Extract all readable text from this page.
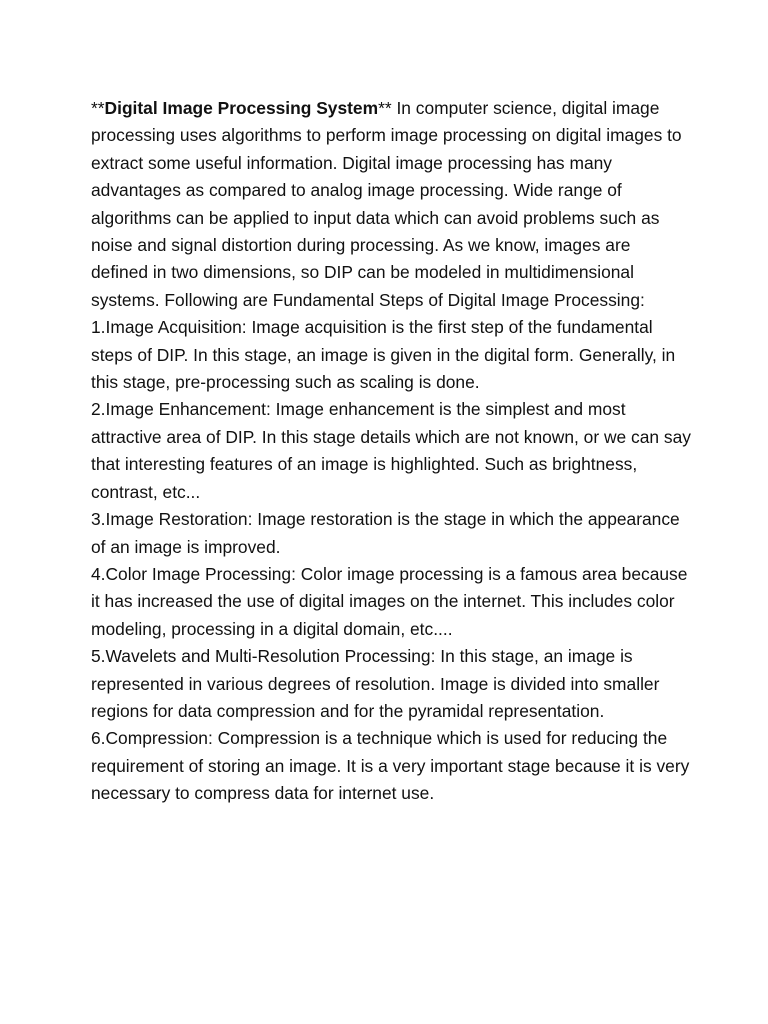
**Digital Image Processing System** In computer science, digital image processing uses algorithms to perform image processing on digital images to extract some useful information. Digital image processing has many advantages as compared to analog image processing. Wide range of algorithms can be applied to input data which can avoid problems such as noise and signal distortion during processing. As we know, images are defined in two dimensions, so DIP can be modeled in multidimensional systems. Following are Fundamental Steps of Digital Image Processing:

1.Image Acquisition: Image acquisition is the first step of the fundamental steps of DIP. In this stage, an image is given in the digital form. Generally, in this stage, pre-processing such as scaling is done.

2.Image Enhancement: Image enhancement is the simplest and most attractive area of DIP. In this stage details which are not known, or we can say that interesting features of an image is highlighted. Such as brightness, contrast, etc...

3.Image Restoration: Image restoration is the stage in which the appearance of an image is improved.

4.Color Image Processing: Color image processing is a famous area because it has increased the use of digital images on the internet. This includes color modeling, processing in a digital domain, etc....

5.Wavelets and Multi-Resolution Processing: In this stage, an image is represented in various degrees of resolution. Image is divided into smaller regions for data compression and for the pyramidal representation.

6.Compression: Compression is a technique which is used for reducing the requirement of storing an image. It is a very important stage because it is very necessary to compress data for internet use.
